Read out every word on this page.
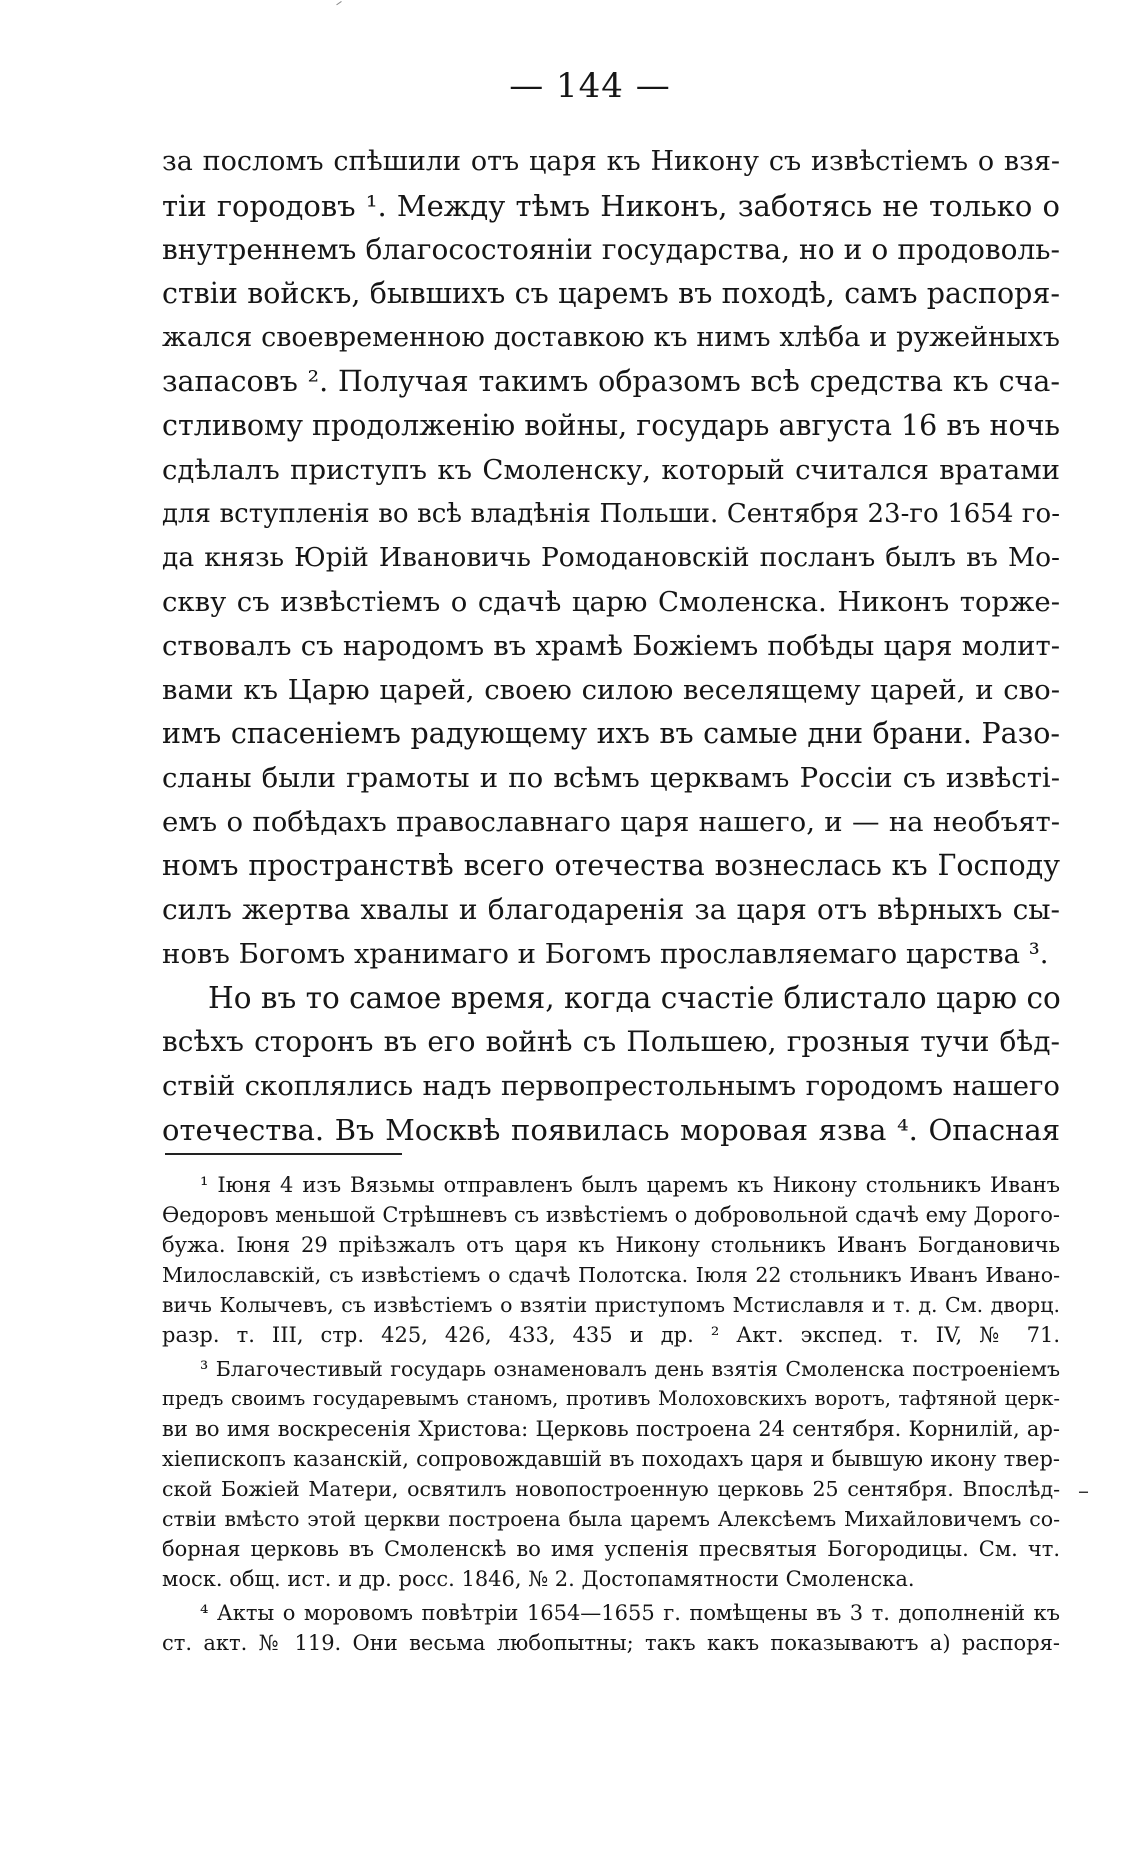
— 144 —
за посломъ спѣшили отъ царя къ Никону съ извѣстіемъ о взя-
тіи городовъ ¹. Между тѣмъ Никонъ, заботясь не только о
внутреннемъ благосостояніи государства, но и о продоволь-
ствіи войскъ, бывшихъ съ царемъ въ походѣ, самъ распоря-
жался своевременною доставкою къ нимъ хлѣба и ружейныхъ
запасовъ ². Получая такимъ образомъ всѣ средства къ сча-
стливому продолженію войны, государь августа 16 въ ночь
сдѣлалъ приступъ къ Смоленску, который считался вратами
для вступленія во всѣ владѣнія Польши. Сентября 23-го 1654 го-
да князь Юрій Ивановичь Ромодановскій посланъ былъ въ Мо-
скву съ извѣстіемъ о сдачѣ царю Смоленска. Никонъ торже-
ствовалъ съ народомъ въ храмѣ Божіемъ побѣды царя молит-
вами къ Царю царей, своею силою веселящему царей, и сво-
имъ спасеніемъ радующему ихъ въ самые дни брани. Разо-
сланы были грамоты и по всѣмъ церквамъ Россіи съ извѣсті-
емъ о побѣдахъ православнаго царя нашего, и — на необъят-
номъ пространствѣ всего отечества вознеслась къ Господу
силъ жертва хвалы и благодаренія за царя отъ вѣрныхъ сы-
новъ Богомъ хранимаго и Богомъ прославляемаго царства ³.
Но въ то самое время, когда счастіе блистало царю со
всѣхъ сторонъ въ его войнѣ съ Польшею, грозныя тучи бѣд-
ствій скоплялись надъ первопрестольнымъ городомъ нашего
отечества. Въ Москвѣ появилась моровая язва ⁴. Опасная
¹ Іюня 4 изъ Вязьмы отправленъ былъ царемъ къ Никону стольникъ Иванъ
Ѳедоровъ меньшой Стрѣшневъ съ извѣстіемъ о добровольной сдачѣ ему Дорого-
бужа. Іюня 29 пріѣзжалъ отъ царя къ Никону стольникъ Иванъ Богдановичь
Милославскій, съ извѣстіемъ о сдачѣ Полотска. Іюля 22 стольникъ Иванъ Ивано-
вичь Колычевъ, съ извѣстіемъ о взятіи приступомъ Мстиславля и т. д. См. дворц.
разр. т. III, стр. 425, 426, 433, 435 и др. ² Акт. экспед. т. IV, № 71.
³ Благочестивый государь ознаменовалъ день взятія Смоленска построеніемъ
предъ своимъ государевымъ станомъ, противъ Молоховскихъ воротъ, тафтяной церк-
ви во имя воскресенія Христова: Церковь построена 24 сентября. Корнилій, ар-
хіепископъ казанскій, сопровождавшій въ походахъ царя и бывшую икону твер-
ской Божіей Матери, освятилъ новопостроенную церковь 25 сентября. Впослѣд-
ствіи вмѣсто этой церкви построена была царемъ Алексѣемъ Михайловичемъ со-
борная церковь въ Смоленскѣ во имя успенія пресвятыя Богородицы. См. чт.
моск. общ. ист. и др. росс. 1846, № 2. Достопамятности Смоленска.
⁴ Акты о моровомъ повѣтріи 1654—1655 г. помѣщены въ 3 т. дополненій къ
ст. акт. № 119. Они весьма любопытны; такъ какъ показываютъ а) распоря-
–
